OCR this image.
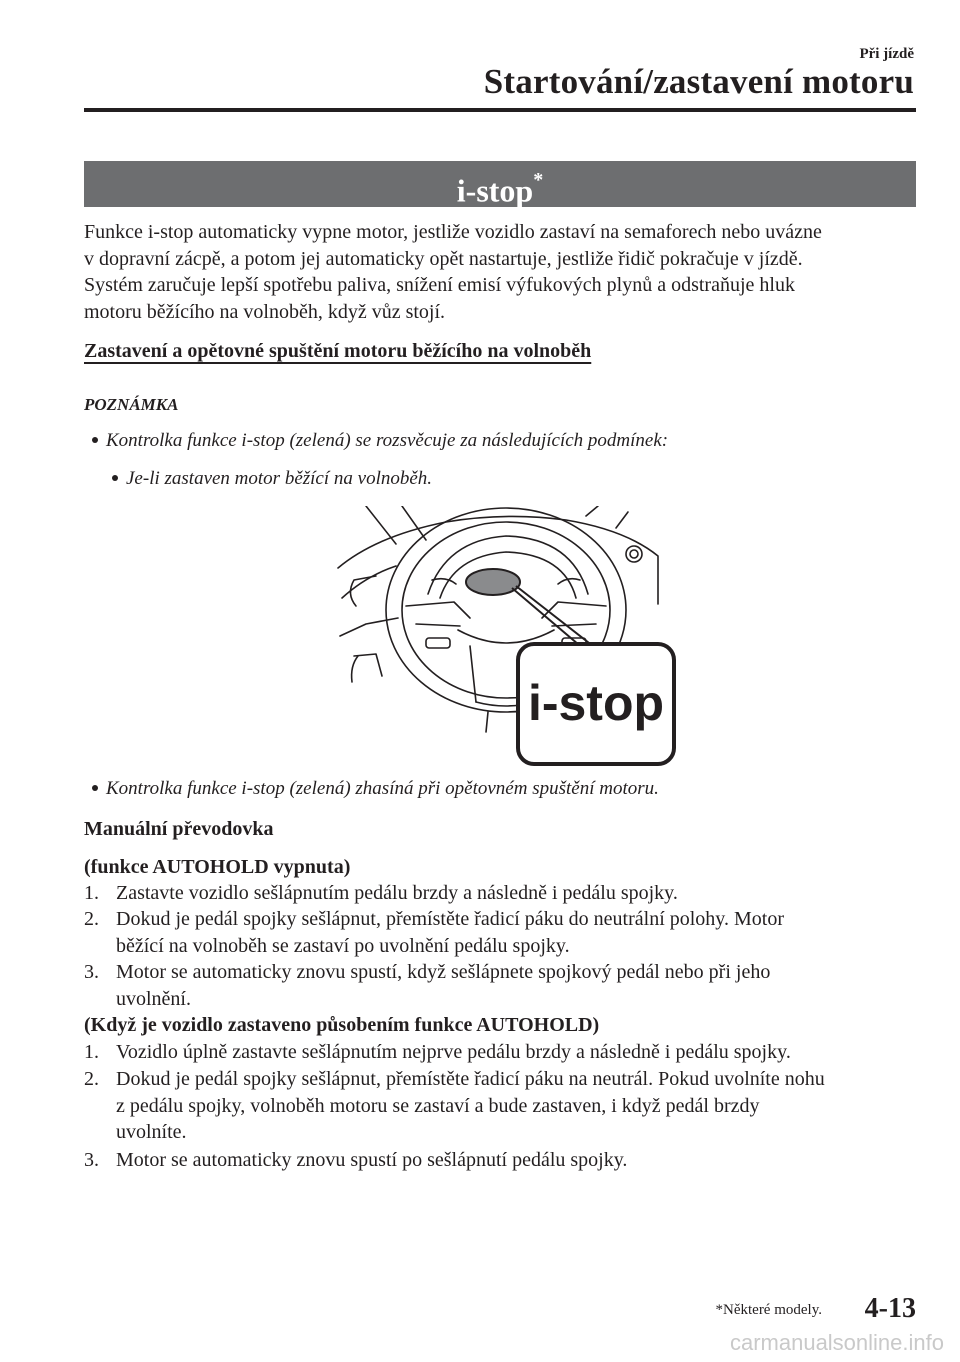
Při jízdě
Startování/zastavení motoru
i-stop*
Funkce i-stop automaticky vypne motor, jestliže vozidlo zastaví na semaforech nebo uvázne
v dopravní zácpě, a potom jej automaticky opět nastartuje, jestliže řidič pokračuje v jízdě.
Systém zaručuje lepší spotřebu paliva, snížení emisí výfukových plynů a odstraňuje hluk
motoru běžícího na volnoběh, když vůz stojí.
Zastavení a opětovné spuštění motoru běžícího na volnoběh
POZNÁMKA
Kontrolka funkce i-stop (zelená) se rozsvěcuje za následujících podmínek:
Je-li zastaven motor běžící na volnoběh.
i-stop
Kontrolka funkce i-stop (zelená) zhasíná při opětovném spuštění motoru.
Manuální převodovka
(funkce AUTOHOLD vypnuta)
1. Zastavte vozidlo sešlápnutím pedálu brzdy a následně i pedálu spojky.
2. Dokud je pedál spojky sešlápnut, přemístěte řadicí páku do neutrální polohy. Motor
běžící na volnoběh se zastaví po uvolnění pedálu spojky.
3. Motor se automaticky znovu spustí, když sešlápnete spojkový pedál nebo při jeho
uvolnění.
(Když je vozidlo zastaveno působením funkce AUTOHOLD)
1. Vozidlo úplně zastavte sešlápnutím nejprve pedálu brzdy a následně i pedálu spojky.
2. Dokud je pedál spojky sešlápnut, přemístěte řadicí páku na neutrál. Pokud uvolníte nohu
z pedálu spojky, volnoběh motoru se zastaví a bude zastaven, i když pedál brzdy
uvolníte.
3. Motor se automaticky znovu spustí po sešlápnutí pedálu spojky.
*Některé modely. 4-13
carmanualsonline.info
